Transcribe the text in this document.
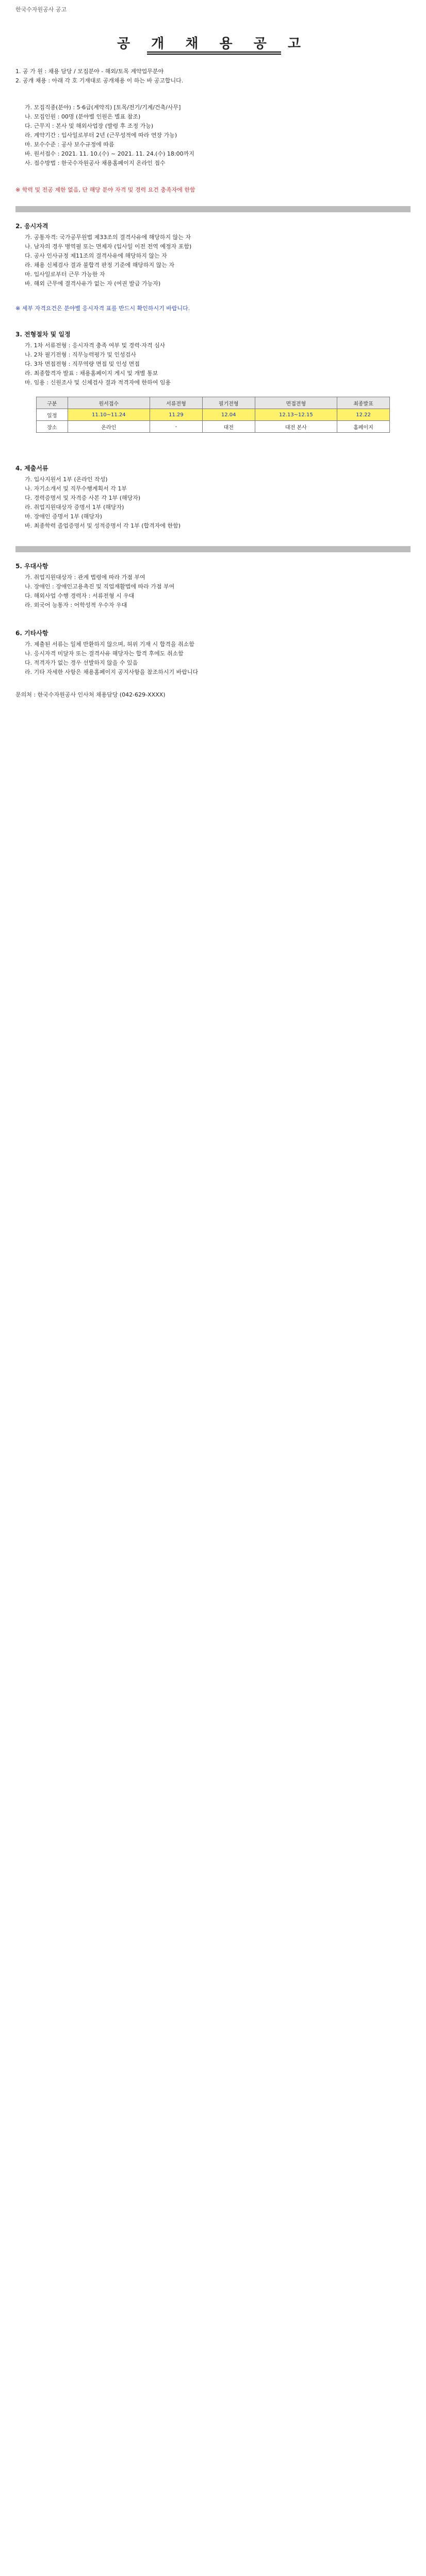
한국수자원공사 공고
공 개 채 용 공 고
1. 공 가 원 : 채용 담당 / 모집분야 - 해외/토목 계약업무분야
2. 공개 채용 : 아래 각 호 기재대로 공개채용 이 하는 바 공고합니다.
가. 모집직종(분야) : 5·6급(계약직) [토목/전기/기계/건축/사무]
나. 모집인원 : 00명 (분야별 인원은 별표 참조)
다. 근무지 : 본사 및 해외사업장 (발령 후 조정 가능)
라. 계약기간 : 입사일로부터 2년 (근무성적에 따라 연장 가능)
마. 보수수준 : 공사 보수규정에 따름
바. 원서접수 : 2021. 11. 10.(수) ~ 2021. 11. 24.(수) 18:00까지
사. 접수방법 : 한국수자원공사 채용홈페이지 온라인 접수
※ 학력 및 전공 제한 없음, 단 해당 분야 자격 및 경력 요건 충족자에 한함
2. 응시자격
가. 공통자격: 국가공무원법 제33조의 결격사유에 해당하지 않는 자
나. 남자의 경우 병역필 또는 면제자 (입사일 이전 전역 예정자 포함)
다. 공사 인사규정 제11조의 결격사유에 해당하지 않는 자
라. 채용 신체검사 결과 불합격 판정 기준에 해당하지 않는 자
마. 입사일로부터 근무 가능한 자
바. 해외 근무에 결격사유가 없는 자 (여권 발급 가능자)
※ 세부 자격요건은 분야별 응시자격 표를 반드시 확인하시기 바랍니다.
3. 전형절차 및 일정
가. 1차 서류전형 : 응시자격 충족 여부 및 경력·자격 심사
나. 2차 필기전형 : 직무능력평가 및 인성검사
다. 3차 면접전형 : 직무역량 면접 및 인성 면접
라. 최종합격자 발표 : 채용홈페이지 게시 및 개별 통보
마. 임용 : 신원조사 및 신체검사 결과 적격자에 한하여 임용
구분	원서접수	서류전형	필기전형	면접전형	최종발표
일정	11.10~11.24	11.29	12.04	12.13~12.15	12.22
장소	온라인	-	대전	대전 본사	홈페이지
4. 제출서류
가. 입사지원서 1부 (온라인 작성)
나. 자기소개서 및 직무수행계획서 각 1부
다. 경력증명서 및 자격증 사본 각 1부 (해당자)
라. 취업지원대상자 증명서 1부 (해당자)
마. 장애인 증명서 1부 (해당자)
바. 최종학력 졸업증명서 및 성적증명서 각 1부 (합격자에 한함)
5. 우대사항
가. 취업지원대상자 : 관계 법령에 따라 가점 부여
나. 장애인 : 장애인고용촉진 및 직업재활법에 따라 가점 부여
다. 해외사업 수행 경력자 : 서류전형 시 우대
라. 외국어 능통자 : 어학성적 우수자 우대
6. 기타사항
가. 제출된 서류는 일체 반환하지 않으며, 허위 기재 시 합격을 취소함
나. 응시자격 미달자 또는 결격사유 해당자는 합격 후에도 취소함
다. 적격자가 없는 경우 선발하지 않을 수 있음
라. 기타 자세한 사항은 채용홈페이지 공지사항을 참조하시기 바랍니다
문의처 : 한국수자원공사 인사처 채용담당 (042-629-XXXX)
